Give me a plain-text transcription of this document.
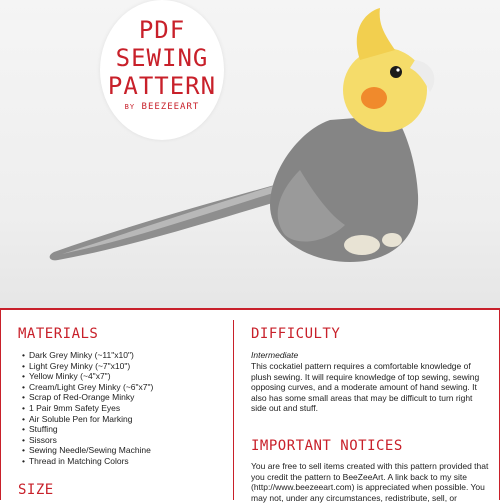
PDF
SEWING
PATTERN
BY BEEZEEART
MATERIALS
• Dark Grey Minky (~11"x10")
• Light Grey Minky (~7"x10")
• Yellow Minky (~4"x7")
• Cream/Light Grey Minky (~6"x7")
• Scrap of Red-Orange Minky
• 1 Pair 9mm Safety Eyes
• Air Soluble Pen for Marking
• Stuffing
• Sissors
• Sewing Needle/Sewing Machine
• Thread in Matching Colors
SIZE
DIFFICULTY
Intermediate
This cockatiel pattern requires a comfortable knowledge of plush sewing. It will require knowledge of top sewing, sewing opposing curves, and a moderate amount of hand sewing. It also has some small areas that may be difficult to turn right side out and stuff.
IMPORTANT NOTICES
You are free to sell items created with this pattern provided that you credit the pattern to BeeZeeArt. A link back to my site (http://www.beezeeart.com) is appreciated when possible. You may not, under any circumstances, redistribute, sell, or
